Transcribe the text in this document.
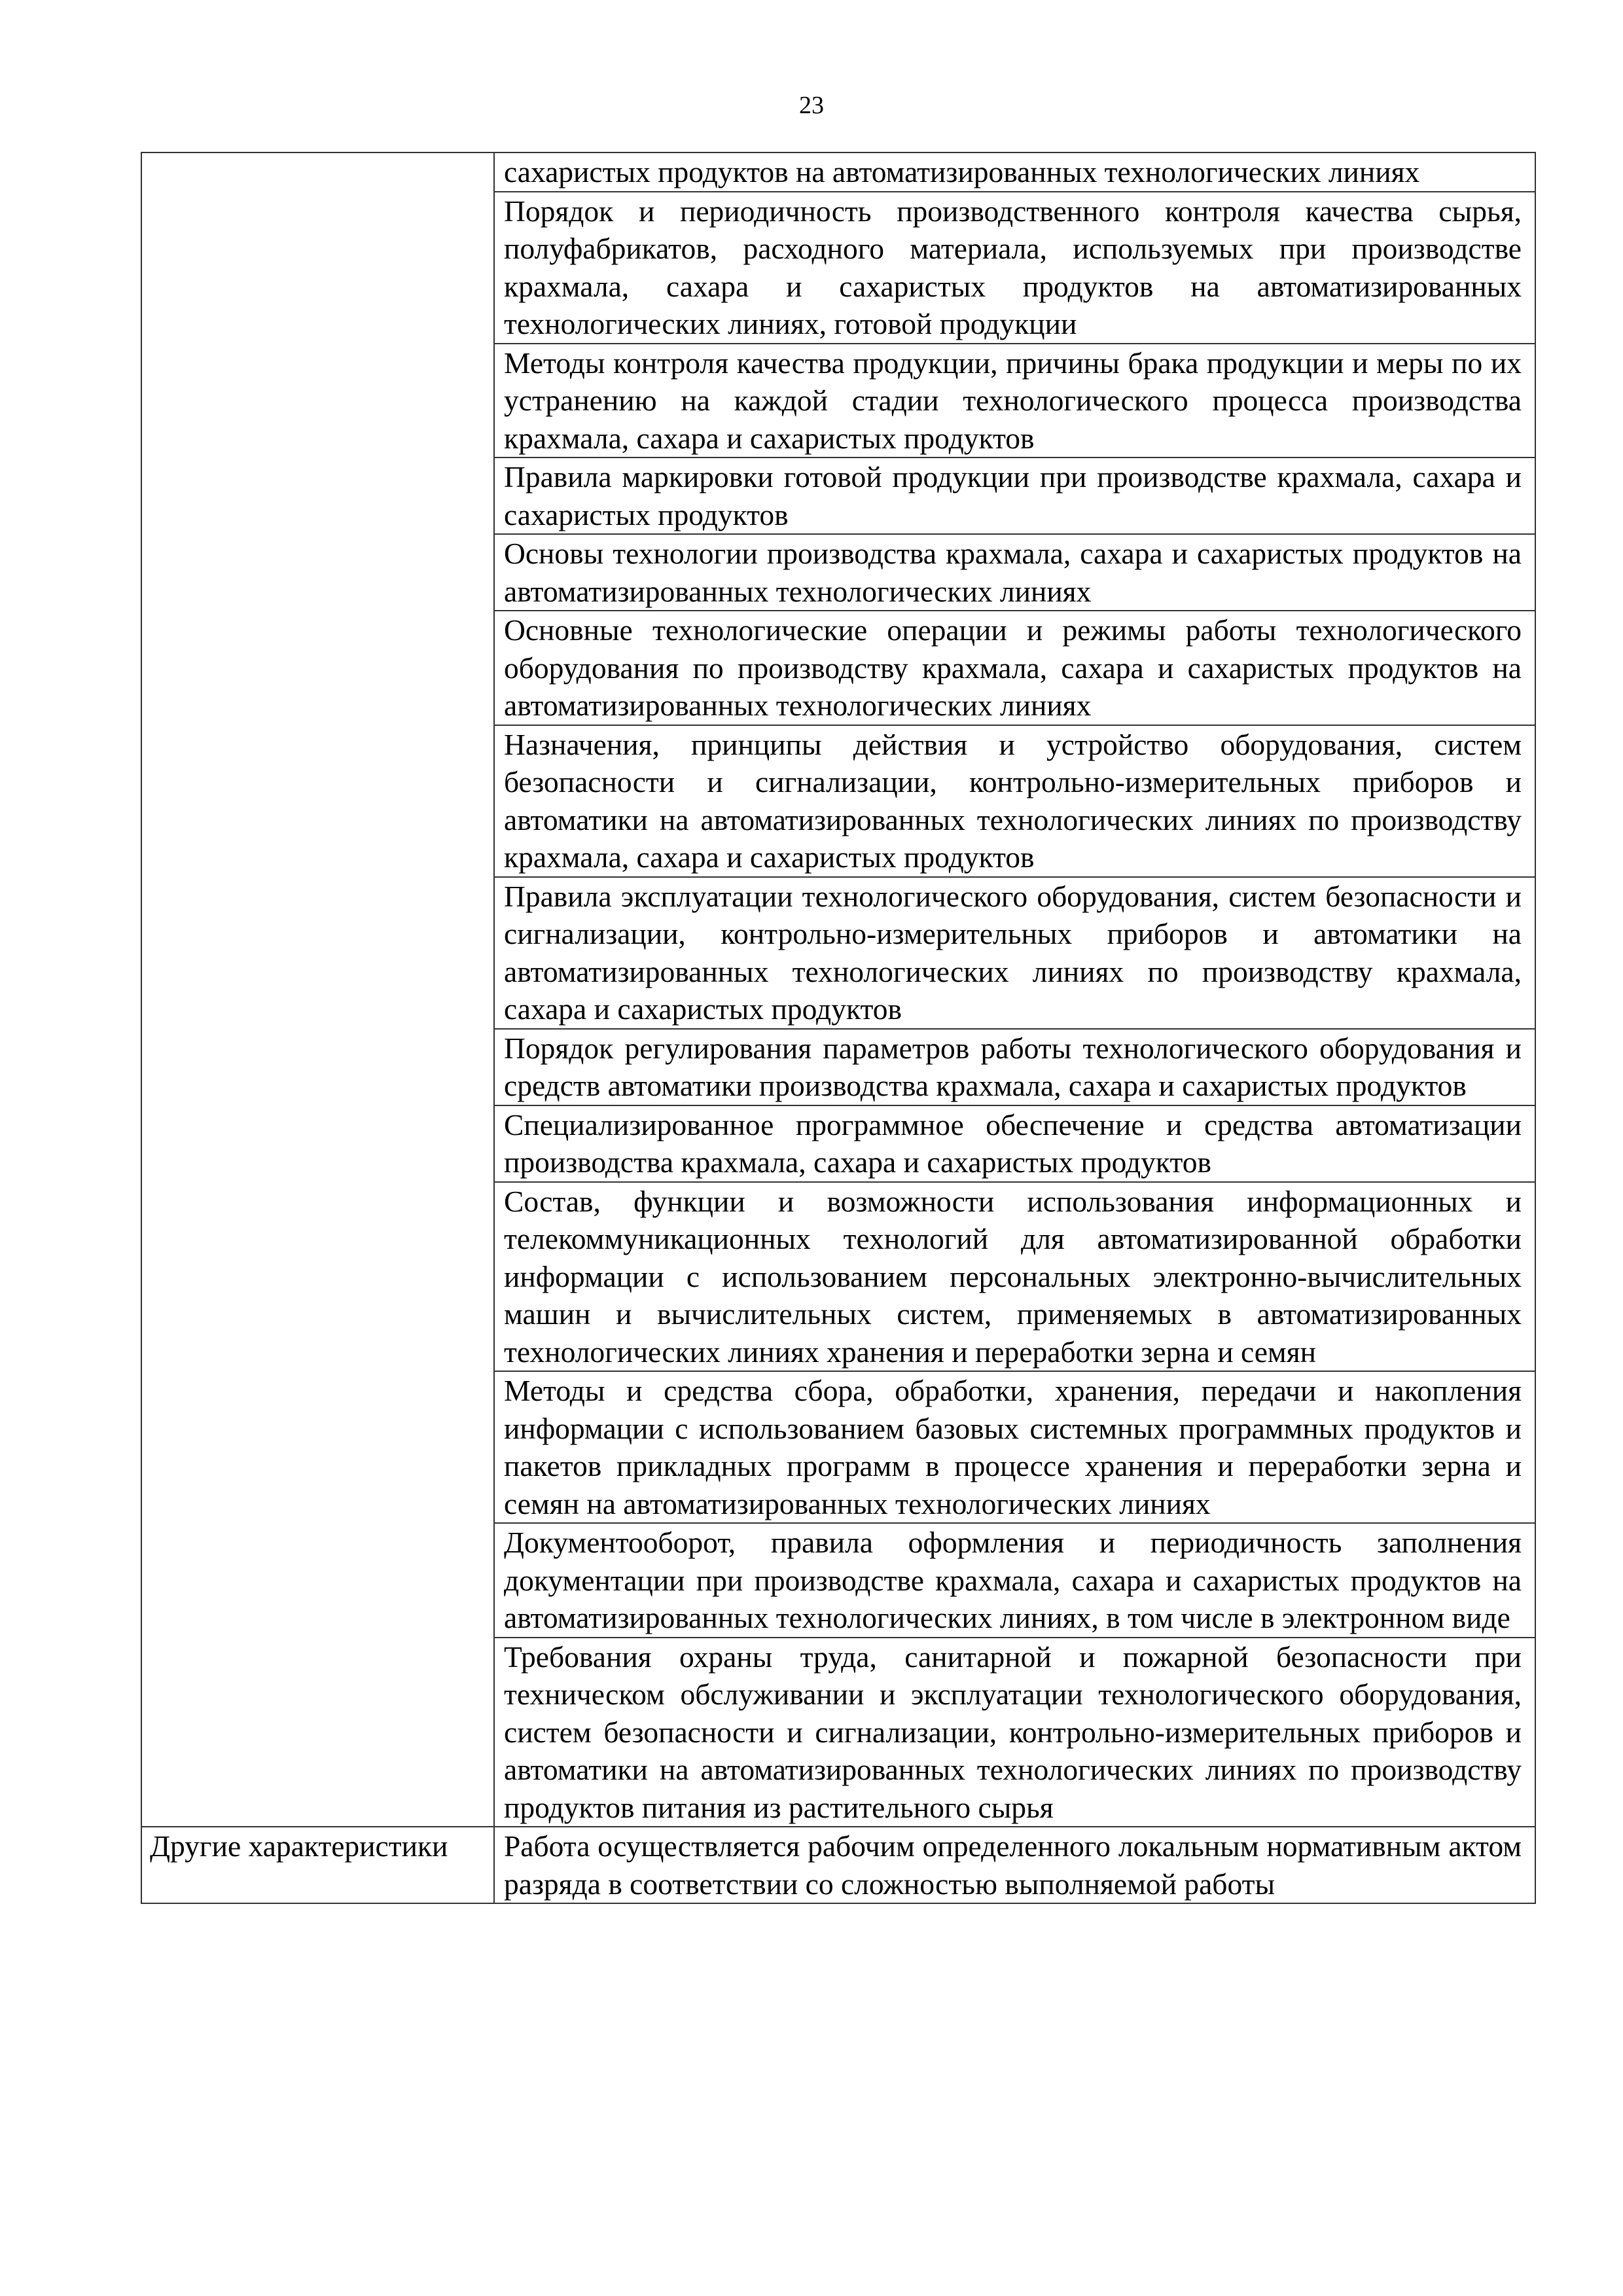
23

	сахаристых продуктов на автоматизированных технологических линиях

	Порядок и периодичность производственного контроля качества сырья, полуфабрикатов, расходного материала, используемых при производстве крахмала, сахара и сахаристых продуктов на автоматизированных технологических линиях, готовой продукции

	Методы контроля качества продукции, причины брака продукции и меры по их устранению на каждой стадии технологического процесса производства крахмала, сахара и сахаристых продуктов

	Правила маркировки готовой продукции при производстве крахмала, сахара и сахаристых продуктов

	Основы технологии производства крахмала, сахара и сахаристых продуктов на автоматизированных технологических линиях

	Основные технологические операции и режимы работы технологического оборудования по производству крахмала, сахара и сахаристых продуктов на автоматизированных технологических линиях

	Назначения, принципы действия и устройство оборудования, систем безопасности и сигнализации, контрольно-измерительных приборов и автоматики на автоматизированных технологических линиях по производству крахмала, сахара и сахаристых продуктов

	Правила эксплуатации технологического оборудования, систем безопасности и сигнализации, контрольно-измерительных приборов и автоматики на автоматизированных технологических линиях по производству крахмала, сахара и сахаристых продуктов

	Порядок регулирования параметров работы технологического оборудования и средств автоматики производства крахмала, сахара и сахаристых продуктов

	Специализированное программное обеспечение и средства автоматизации производства крахмала, сахара и сахаристых продуктов

	Состав, функции и возможности использования информационных и телекоммуникационных технологий для автоматизированной обработки информации с использованием персональных электронно-вычислительных машин и вычислительных систем, применяемых в автоматизированных технологических линиях хранения и переработки зерна и семян

	Методы и средства сбора, обработки, хранения, передачи и накопления информации с использованием базовых системных программных продуктов и пакетов прикладных программ в процессе хранения и переработки зерна и семян на автоматизированных технологических линиях

	Документооборот, правила оформления и периодичность заполнения документации при производстве крахмала, сахара и сахаристых продуктов на автоматизированных технологических линиях, в том числе в электронном виде

	Требования охраны труда, санитарной и пожарной безопасности при техническом обслуживании и эксплуатации технологического оборудования, систем безопасности и сигнализации, контрольно-измерительных приборов и автоматики на автоматизированных технологических линиях по производству продуктов питания из растительного сырья

Другие характеристики	Работа осуществляется рабочим определенного локальным нормативным актом разряда в соответствии со сложностью выполняемой работы
